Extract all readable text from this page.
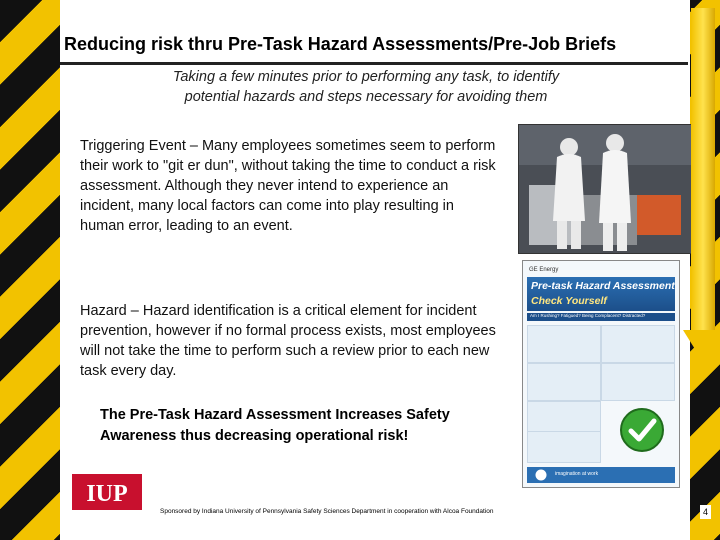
Reducing risk thru Pre-Task Hazard Assessments/Pre-Job Briefs
Taking a few minutes prior to performing any task, to identify potential hazards and steps necessary for avoiding them
Triggering Event – Many employees sometimes seem to perform their work to "git er dun", without taking the time to conduct a risk assessment. Although they never intend to experience an incident, many local factors can come into play resulting in human error, leading to an event.
Hazard – Hazard identification is a critical element for incident prevention, however if no formal process exists, most employees will not take the time to perform such a review prior to each new task every day.
The Pre-Task Hazard Assessment Increases Safety Awareness thus decreasing operational risk!
GE Energy
Pre-task Hazard Assessment
Check Yourself
Am I Rushing? Fatigued? Being Complacent? Distracted?
imagination at work
IUP
Sponsored by Indiana University of Pennsylvania Safety Sciences Department in cooperation with Alcoa Foundation	4
